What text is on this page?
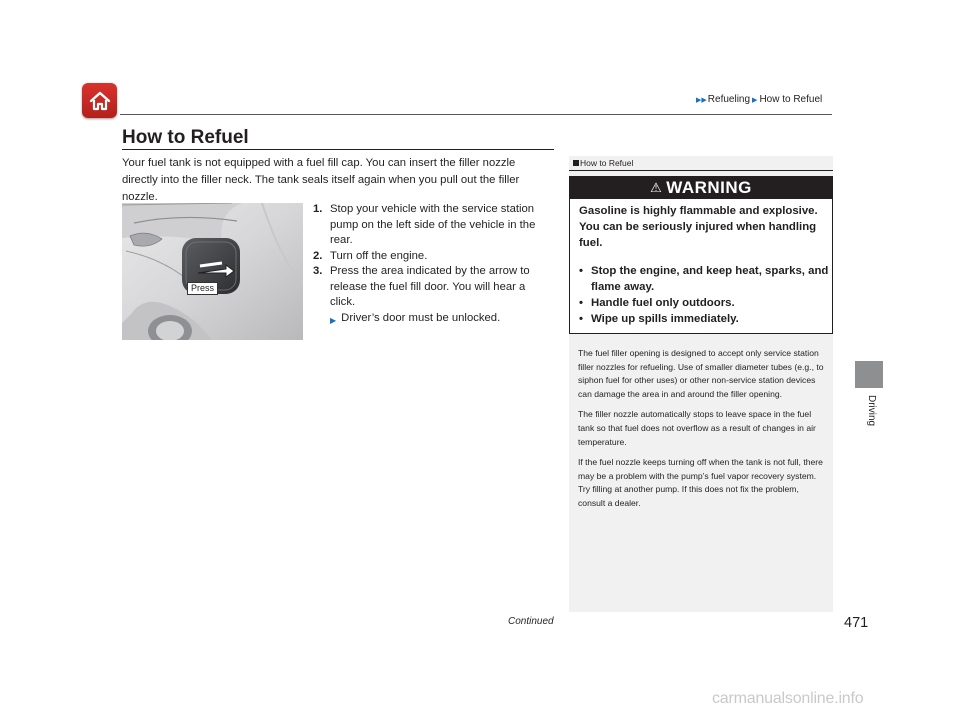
▶▶Refueling ▶ How to Refuel
How to Refuel
Your fuel tank is not equipped with a fuel fill cap. You can insert the filler nozzle directly into the filler neck. The tank seals itself again when you pull out the filler nozzle.
Press
1. Stop your vehicle with the service station pump on the left side of the vehicle in the rear.
2. Turn off the engine.
3. Press the area indicated by the arrow to release the fuel fill door. You will hear a click.
▶ Driver’s door must be unlocked.
How to Refuel
⚠ WARNING
Gasoline is highly flammable and explosive. You can be seriously injured when handling fuel.
• Stop the engine, and keep heat, sparks, and flame away.
• Handle fuel only outdoors.
• Wipe up spills immediately.

The fuel filler opening is designed to accept only service station filler nozzles for refueling. Use of smaller diameter tubes (e.g., to siphon fuel for other uses) or other non-service station devices can damage the area in and around the filler opening.

The filler nozzle automatically stops to leave space in the fuel tank so that fuel does not overflow as a result of changes in air temperature.

If the fuel nozzle keeps turning off when the tank is not full, there may be a problem with the pump’s fuel vapor recovery system. Try filling at another pump. If this does not fix the problem, consult a dealer.

Driving
Continued	471
carmanualsonline.info
